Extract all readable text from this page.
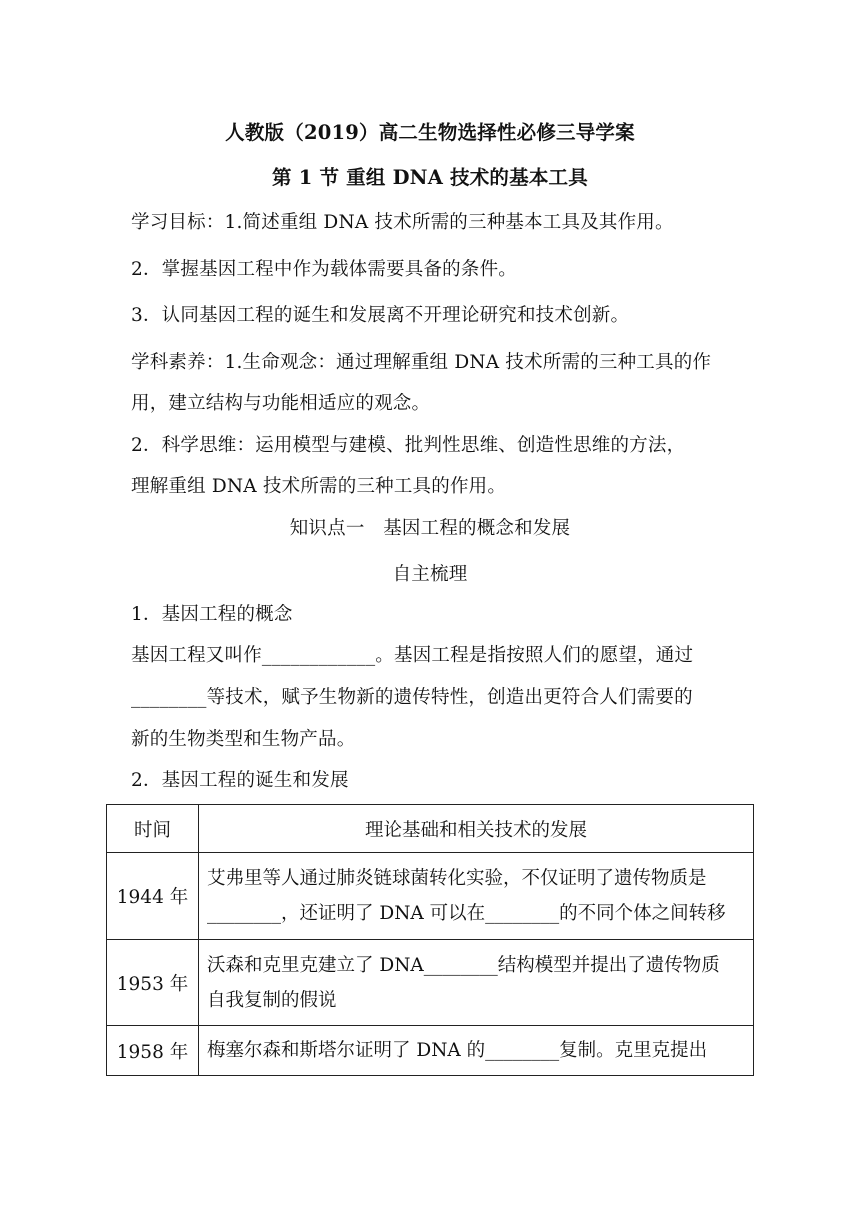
人教版（2019）高二生物选择性必修三导学案
第 1 节 重组 DNA 技术的基本工具
学习目标：1.简述重组 DNA 技术所需的三种基本工具及其作用。
2．掌握基因工程中作为载体需要具备的条件。
3．认同基因工程的诞生和发展离不开理论研究和技术创新。
学科素养：1.生命观念：通过理解重组 DNA 技术所需的三种工具的作
用，建立结构与功能相适应的观念。
2．科学思维：运用模型与建模、批判性思维、创造性思维的方法，
理解重组 DNA 技术所需的三种工具的作用。
知识点一　基因工程的概念和发展
自主梳理
1．基因工程的概念
基因工程又叫作____________。基因工程是指按照人们的愿望，通过
________等技术，赋予生物新的遗传特性，创造出更符合人们需要的
新的生物类型和生物产品。
2．基因工程的诞生和发展
时间	理论基础和相关技术的发展
1944 年	艾弗里等人通过肺炎链球菌转化实验，不仅证明了遗传物质是
________，还证明了 DNA 可以在________的不同个体之间转移

1953 年	沃森和克里克建立了 DNA________结构模型并提出了遗传物质
自我复制的假说

1958 年	梅塞尔森和斯塔尔证明了 DNA 的________复制。克里克提出
